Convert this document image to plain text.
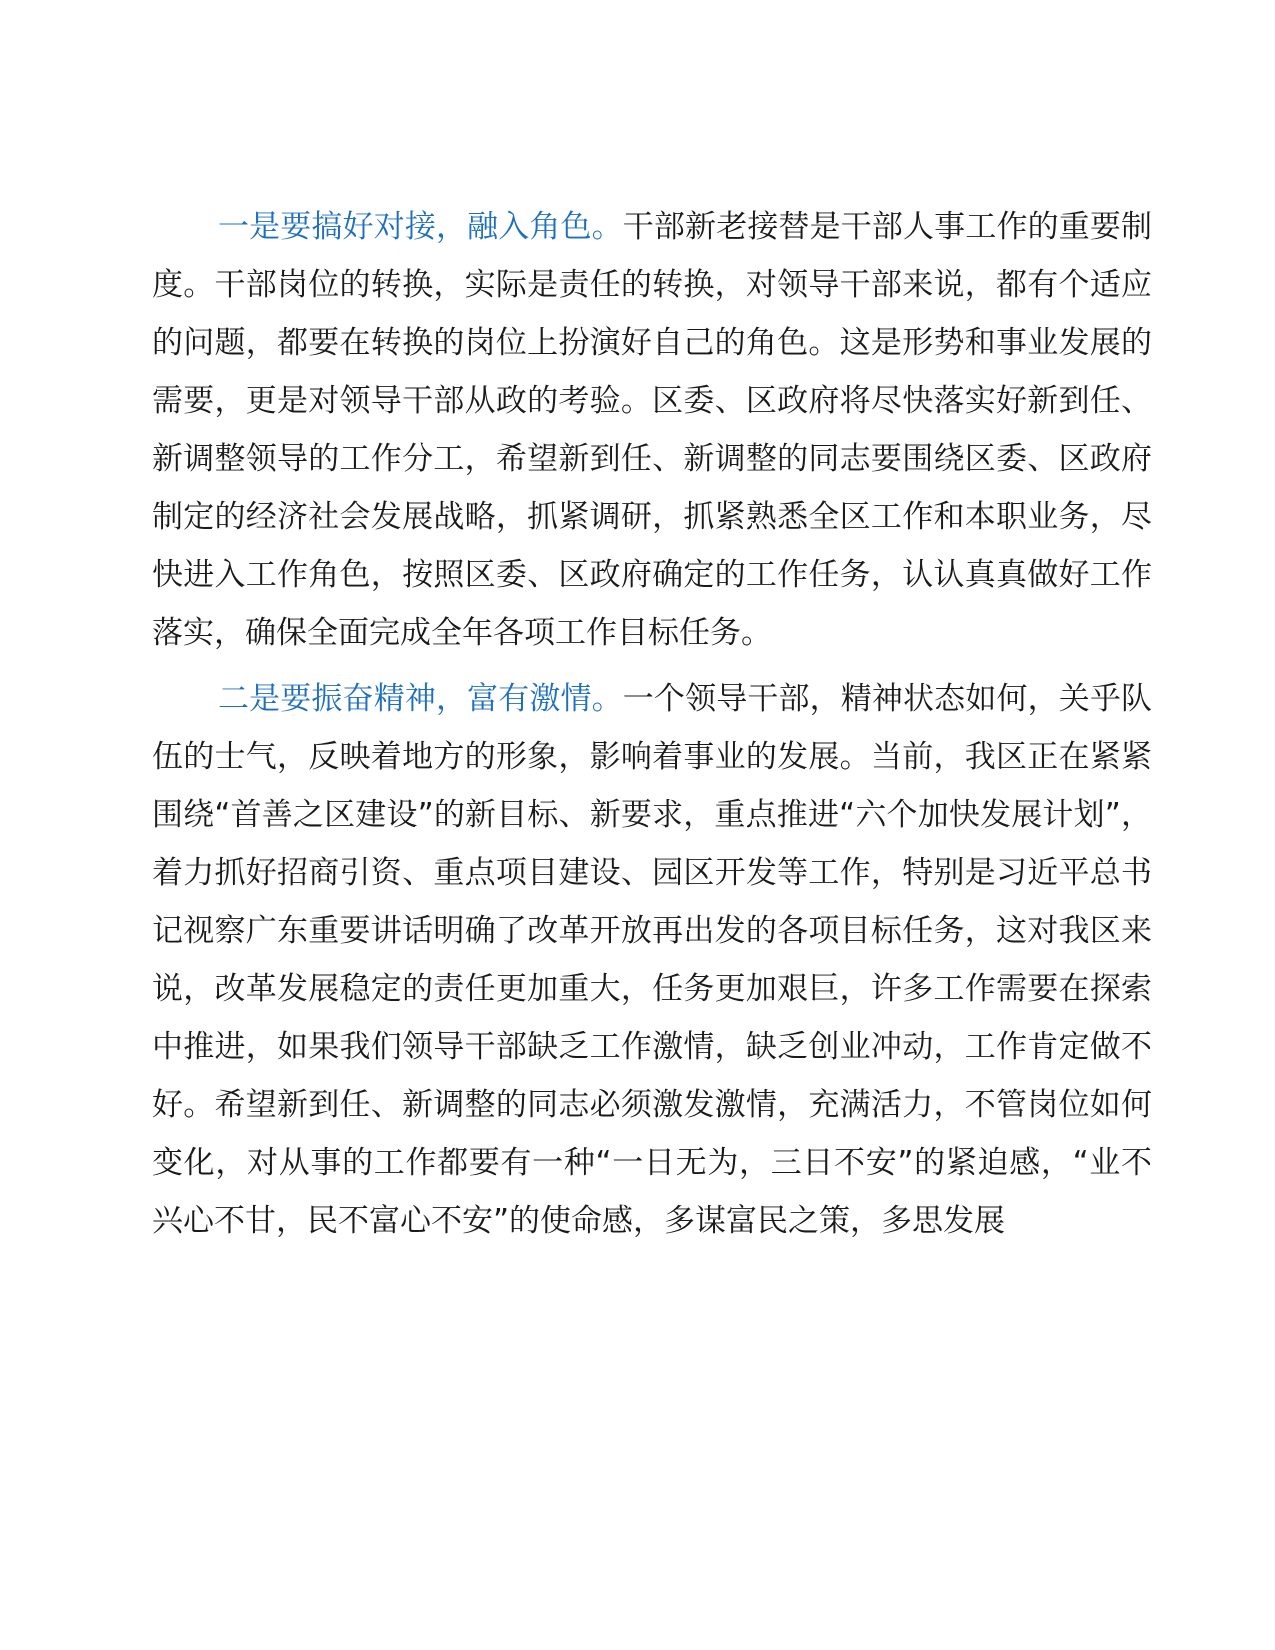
一是要搞好对接，融入角色。干部新老接替是干部人事工作的重要制度。干部岗位的转换，实际是责任的转换，对领导干部来说，都有个适应的问题，都要在转换的岗位上扮演好自己的角色。这是形势和事业发展的需要，更是对领导干部从政的考验。区委、区政府将尽快落实好新到任、新调整领导的工作分工，希望新到任、新调整的同志要围绕区委、区政府制定的经济社会发展战略，抓紧调研，抓紧熟悉全区工作和本职业务，尽快进入工作角色，按照区委、区政府确定的工作任务，认认真真做好工作落实，确保全面完成全年各项工作目标任务。

二是要振奋精神，富有激情。一个领导干部，精神状态如何，关乎队伍的士气，反映着地方的形象，影响着事业的发展。当前，我区正在紧紧围绕“首善之区建设”的新目标、新要求，重点推进“六个加快发展计划”，着力抓好招商引资、重点项目建设、园区开发等工作，特别是习近平总书记视察广东重要讲话明确了改革开放再出发的各项目标任务，这对我区来说，改革发展稳定的责任更加重大，任务更加艰巨，许多工作需要在探索中推进，如果我们领导干部缺乏工作激情，缺乏创业冲动，工作肯定做不好。希望新到任、新调整的同志必须激发激情，充满活力，不管岗位如何变化，对从事的工作都要有一种“一日无为，三日不安”的紧迫感，“业不兴心不甘，民不富心不安”的使命感，多谋富民之策，多思发展
